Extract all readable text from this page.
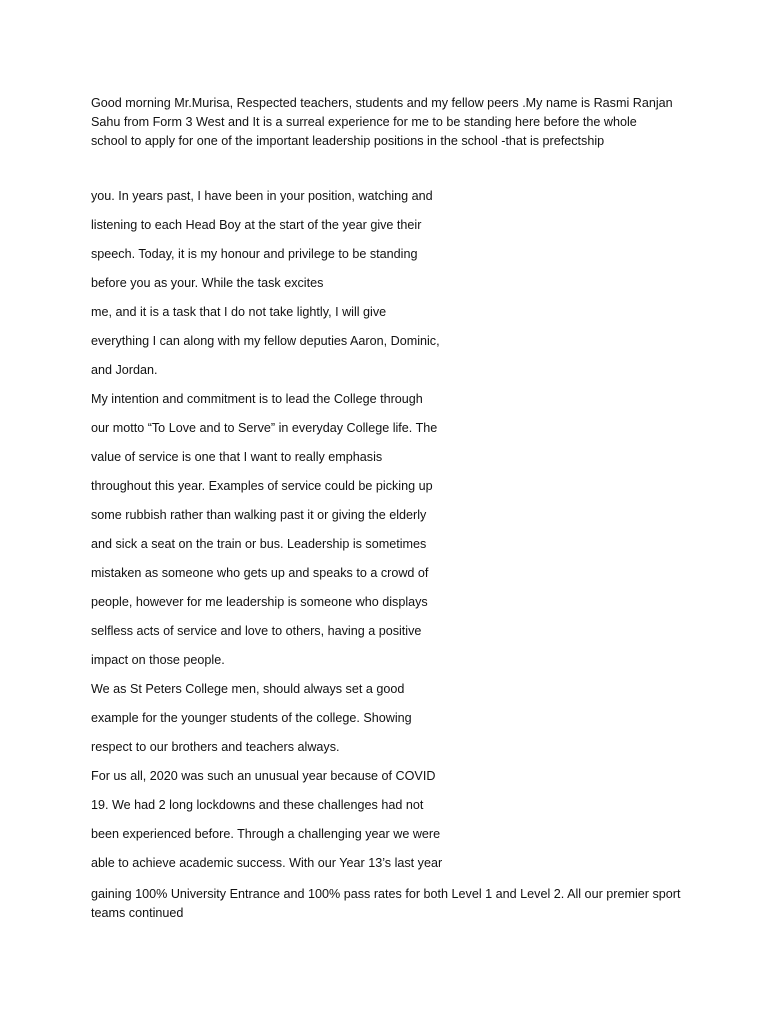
Good morning Mr.Murisa, Respected teachers, students and my fellow peers .My name is Rasmi Ranjan
Sahu from Form 3 West and It is a surreal experience for me to be standing here before the whole
school to apply for one of the important leadership positions in the school -that is prefectship

you. In years past, I have been in your position, watching and
listening to each Head Boy at the start of the year give their
speech. Today, it is my honour and privilege to be standing
before you as your. While the task excites
me, and it is a task that I do not take lightly, I will give
everything I can along with my fellow deputies Aaron, Dominic,
and Jordan.
My intention and commitment is to lead the College through
our motto “To Love and to Serve” in everyday College life. The
value of service is one that I want to really emphasis
throughout this year. Examples of service could be picking up
some rubbish rather than walking past it or giving the elderly
and sick a seat on the train or bus. Leadership is sometimes
mistaken as someone who gets up and speaks to a crowd of
people, however for me leadership is someone who displays
selfless acts of service and love to others, having a positive
impact on those people.
We as St Peters College men, should always set a good
example for the younger students of the college. Showing
respect to our brothers and teachers always.
For us all, 2020 was such an unusual year because of COVID
19. We had 2 long lockdowns and these challenges had not
been experienced before. Through a challenging year we were
able to achieve academic success. With our Year 13’s last year

gaining 100% University Entrance and 100% pass rates for both Level 1 and Level 2. All our premier sport
teams continued
